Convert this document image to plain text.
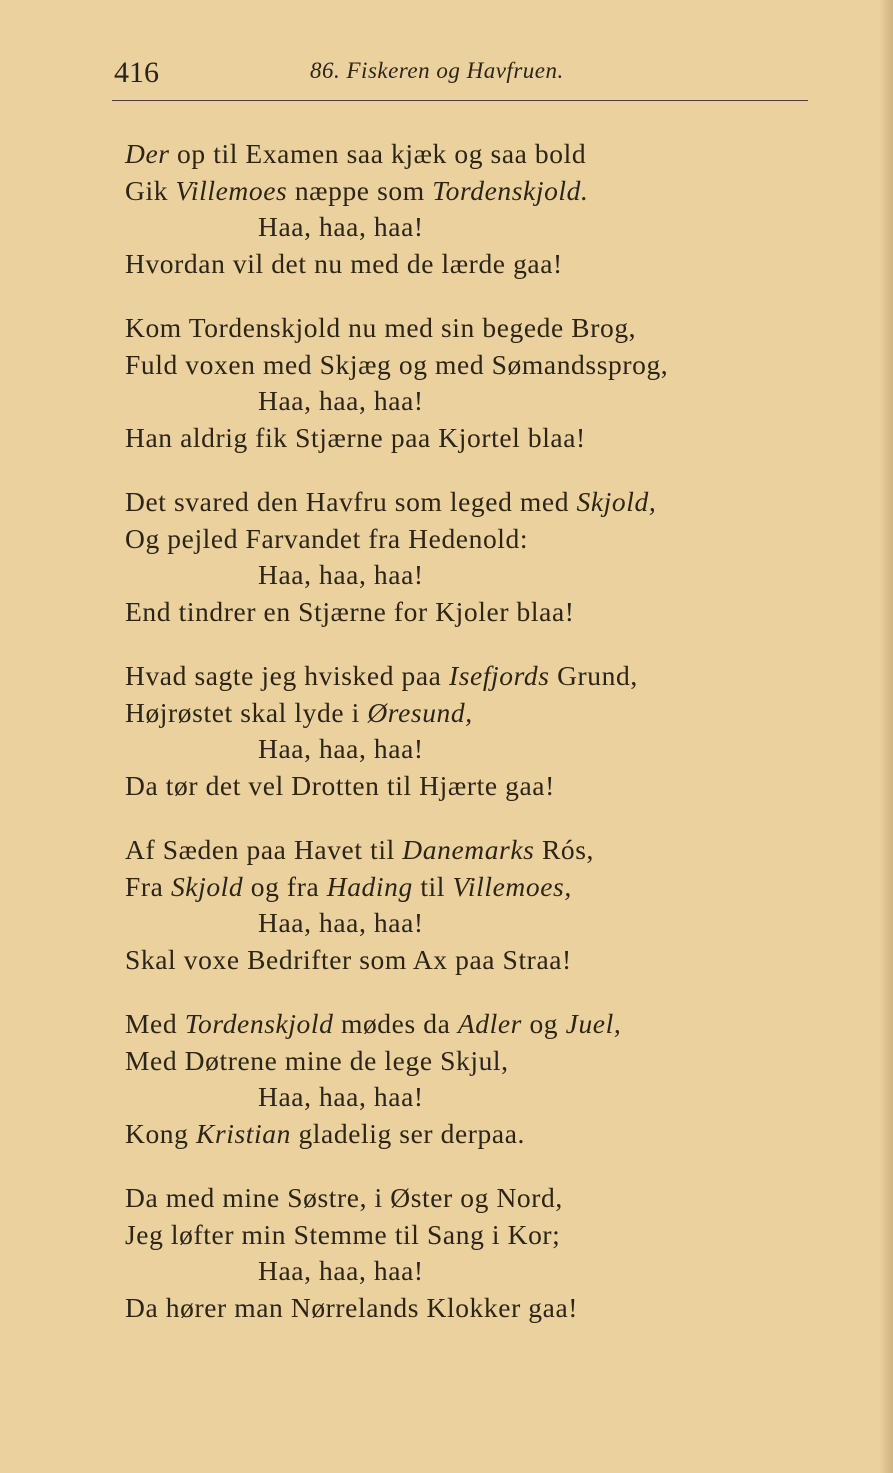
416	86. Fiskeren og Havfruen.
Der op til Examen saa kjæk og saa bold
Gik Villemoes næppe som Tordenskjold.
Haa, haa, haa!
Hvordan vil det nu med de lærde gaa!
Kom Tordenskjold nu med sin begede Brog,
Fuld voxen med Skjæg og med Sømandssprog,
Haa, haa, haa!
Han aldrig fik Stjærne paa Kjortel blaa!
Det svared den Havfru som leged med Skjold,
Og pejled Farvandet fra Hedenold:
Haa, haa, haa!
End tindrer en Stjærne for Kjoler blaa!
Hvad sagte jeg hvisked paa Isefjords Grund,
Højrøstet skal lyde i Øresund,
Haa, haa, haa!
Da tør det vel Drotten til Hjærte gaa!
Af Sæden paa Havet til Danemarks Rós,
Fra Skjold og fra Hading til Villemoes,
Haa, haa, haa!
Skal voxe Bedrifter som Ax paa Straa!
Med Tordenskjold mødes da Adler og Juel,
Med Døtrene mine de lege Skjul,
Haa, haa, haa!
Kong Kristian gladelig ser derpaa.
Da med mine Søstre, i Øster og Nord,
Jeg løfter min Stemme til Sang i Kor;
Haa, haa, haa!
Da hører man Nørrelands Klokker gaa!
